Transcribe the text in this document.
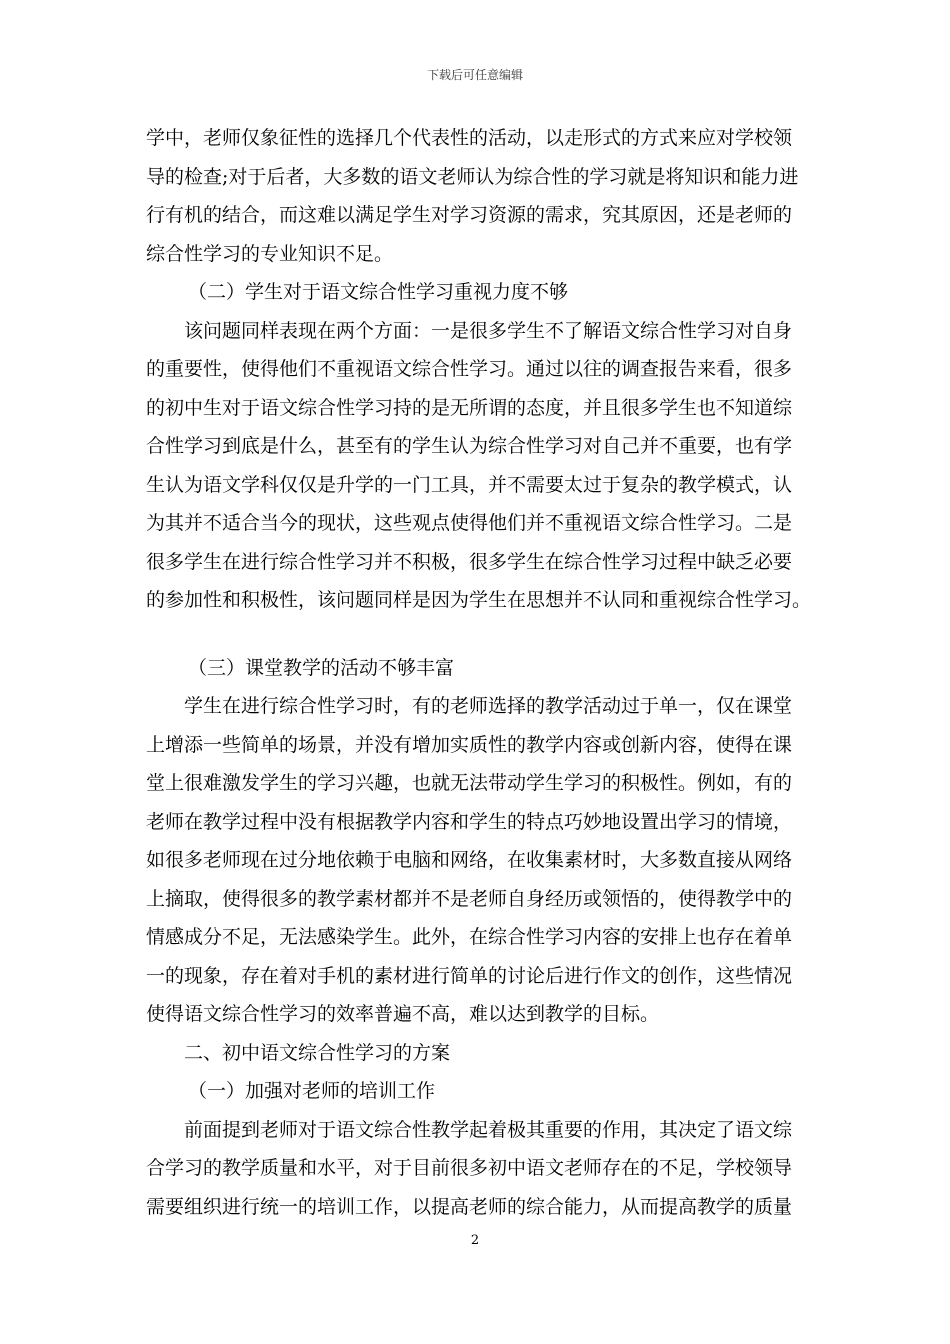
下载后可任意编辑
学中，老师仅象征性的选择几个代表性的活动，以走形式的方式来应对学校领
导的检查;对于后者，大多数的语文老师认为综合性的学习就是将知识和能力进
行有机的结合，而这难以满足学生对学习资源的需求，究其原因，还是老师的
综合性学习的专业知识不足。
（二）学生对于语文综合性学习重视力度不够
该问题同样表现在两个方面：一是很多学生不了解语文综合性学习对自身
的重要性，使得他们不重视语文综合性学习。通过以往的调查报告来看，很多
的初中生对于语文综合性学习持的是无所谓的态度，并且很多学生也不知道综
合性学习到底是什么，甚至有的学生认为综合性学习对自己并不重要，也有学
生认为语文学科仅仅是升学的一门工具，并不需要太过于复杂的教学模式，认
为其并不适合当今的现状，这些观点使得他们并不重视语文综合性学习。二是
很多学生在进行综合性学习并不积极，很多学生在综合性学习过程中缺乏必要
的参加性和积极性，该问题同样是因为学生在思想并不认同和重视综合性学习。
（三）课堂教学的活动不够丰富
学生在进行综合性学习时，有的老师选择的教学活动过于单一，仅在课堂
上增添一些简单的场景，并没有增加实质性的教学内容或创新内容，使得在课
堂上很难激发学生的学习兴趣，也就无法带动学生学习的积极性。例如，有的
老师在教学过程中没有根据教学内容和学生的特点巧妙地设置出学习的情境，
如很多老师现在过分地依赖于电脑和网络，在收集素材时，大多数直接从网络
上摘取，使得很多的教学素材都并不是老师自身经历或领悟的，使得教学中的
情感成分不足，无法感染学生。此外，在综合性学习内容的安排上也存在着单
一的现象，存在着对手机的素材进行简单的讨论后进行作文的创作，这些情况
使得语文综合性学习的效率普遍不高，难以达到教学的目标。
二、初中语文综合性学习的方案
（一）加强对老师的培训工作
前面提到老师对于语文综合性教学起着极其重要的作用，其决定了语文综
合学习的教学质量和水平，对于目前很多初中语文老师存在的不足，学校领导
需要组织进行统一的培训工作，以提高老师的综合能力，从而提高教学的质量
2
